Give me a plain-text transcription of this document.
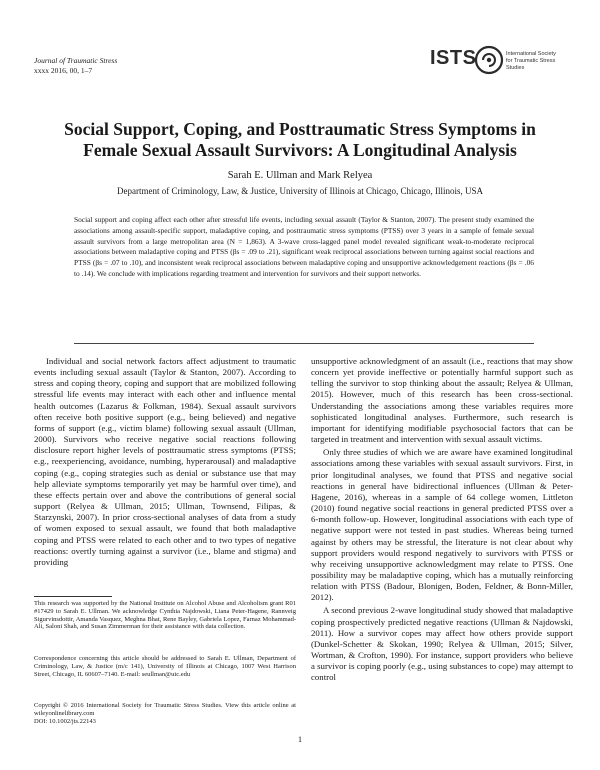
Journal of Traumatic Stress
xxxx 2016, 00, 1–7
ISTS	International Society
for Traumatic Stress Studies
Social Support, Coping, and Posttraumatic Stress Symptoms in Female Sexual Assault Survivors: A Longitudinal Analysis
Sarah E. Ullman and Mark Relyea
Department of Criminology, Law, & Justice, University of Illinois at Chicago, Chicago, Illinois, USA
Social support and coping affect each other after stressful life events, including sexual assault (Taylor & Stanton, 2007). The present study examined the associations among assault-specific support, maladaptive coping, and posttraumatic stress symptoms (PTSS) over 3 years in a sample of female sexual assault survivors from a large metropolitan area (N = 1,863). A 3-wave cross-lagged panel model revealed significant weak-to-moderate reciprocal associations between maladaptive coping and PTSS (βs = .09 to .21), significant weak reciprocal associations between turning against social reactions and PTSS (βs = .07 to .10), and inconsistent weak reciprocal associations between maladaptive coping and unsupportive acknowledgement reactions (βs = .06 to .14). We conclude with implications regarding treatment and intervention for survivors and their support networks.

Individual and social network factors affect adjustment to traumatic events including sexual assault (Taylor & Stanton, 2007). According to stress and coping theory, coping and support that are mobilized following stressful life events may interact with each other and influence mental health outcomes (Lazarus & Folkman, 1984). Sexual assault survivors often receive both positive support (e.g., being believed) and negative forms of support (e.g., victim blame) following sexual assault (Ullman, 2000). Survivors who receive negative social reactions following disclosure report higher levels of posttraumatic stress symptoms (PTSS; e.g., reexperiencing, avoidance, numbing, hyperarousal) and maladaptive coping (e.g., coping strategies such as denial or substance use that may help alleviate symptoms temporarily yet may be harmful over time), and these effects pertain over and above the contributions of general social support (Relyea & Ullman, 2015; Ullman, Townsend, Filipas, & Starzynski, 2007). In prior cross-sectional analyses of data from a study of women exposed to sexual assault, we found that both maladaptive coping and PTSS were related to each other and to two types of negative reactions: overtly turning against a survivor (i.e., blame and stigma) and providing

unsupportive acknowledgment of an assault (i.e., reactions that may show concern yet provide ineffective or potentially harmful support such as telling the survivor to stop thinking about the assault; Relyea & Ullman, 2015). However, much of this research has been cross-sectional. Understanding the associations among these variables requires more sophisticated longitudinal analyses. Furthermore, such research is important for identifying modifiable psychosocial factors that can be targeted in treatment and intervention with sexual assault victims.

Only three studies of which we are aware have examined longitudinal associations among these variables with sexual assault survivors. First, in prior longitudinal analyses, we found that PTSS and negative social reactions in general have bidirectional influences (Ullman & Peter-Hagene, 2016), whereas in a sample of 64 college women, Littleton (2010) found negative social reactions in general predicted PTSS over a 6-month follow-up. However, longitudinal associations with each type of negative support were not tested in past studies. Whereas being turned against by others may be stressful, the literature is not clear about why support providers would respond negatively to survivors with PTSS or why receiving unsupportive acknowledgment may relate to PTSS. One possibility may be maladaptive coping, which has a mutually reinforcing relation with PTSS (Badour, Blonigen, Boden, Feldner, & Bonn-Miller, 2012).

A second previous 2-wave longitudinal study showed that maladaptive coping prospectively predicted negative reactions (Ullman & Najdowski, 2011). How a survivor copes may affect how others provide support (Dunkel-Schetter & Skokan, 1990; Relyea & Ullman, 2015; Silver, Wortman, & Crofton, 1990). For instance, support providers who believe a survivor is coping poorly (e.g., using substances to cope) may attempt to control

This research was supported by the National Institute on Alcohol Abuse and Alcoholism grant R01 #17429 to Sarah E. Ullman. We acknowledge Cynthia Najdowski, Liana Peter-Hagene, Rannveig Sigurvinsdottir, Amanda Vasquez, Meghna Bhat, Rene Bayley, Gabriela Lopez, Farnaz Mohammad-Ali, Saloni Shah, and Susan Zimmerman for their assistance with data collection.
Correspondence concerning this article should be addressed to Sarah E. Ullman, Department of Criminology, Law, & Justice (m/c 141), University of Illinois at Chicago, 1007 West Harrison Street, Chicago, IL 60607–7140. E-mail: seullman@uic.edu
Copyright © 2016 International Society for Traumatic Stress Studies. View this article online at wileyonlinelibrary.com
DOI: 10.1002/jts.22143
1
